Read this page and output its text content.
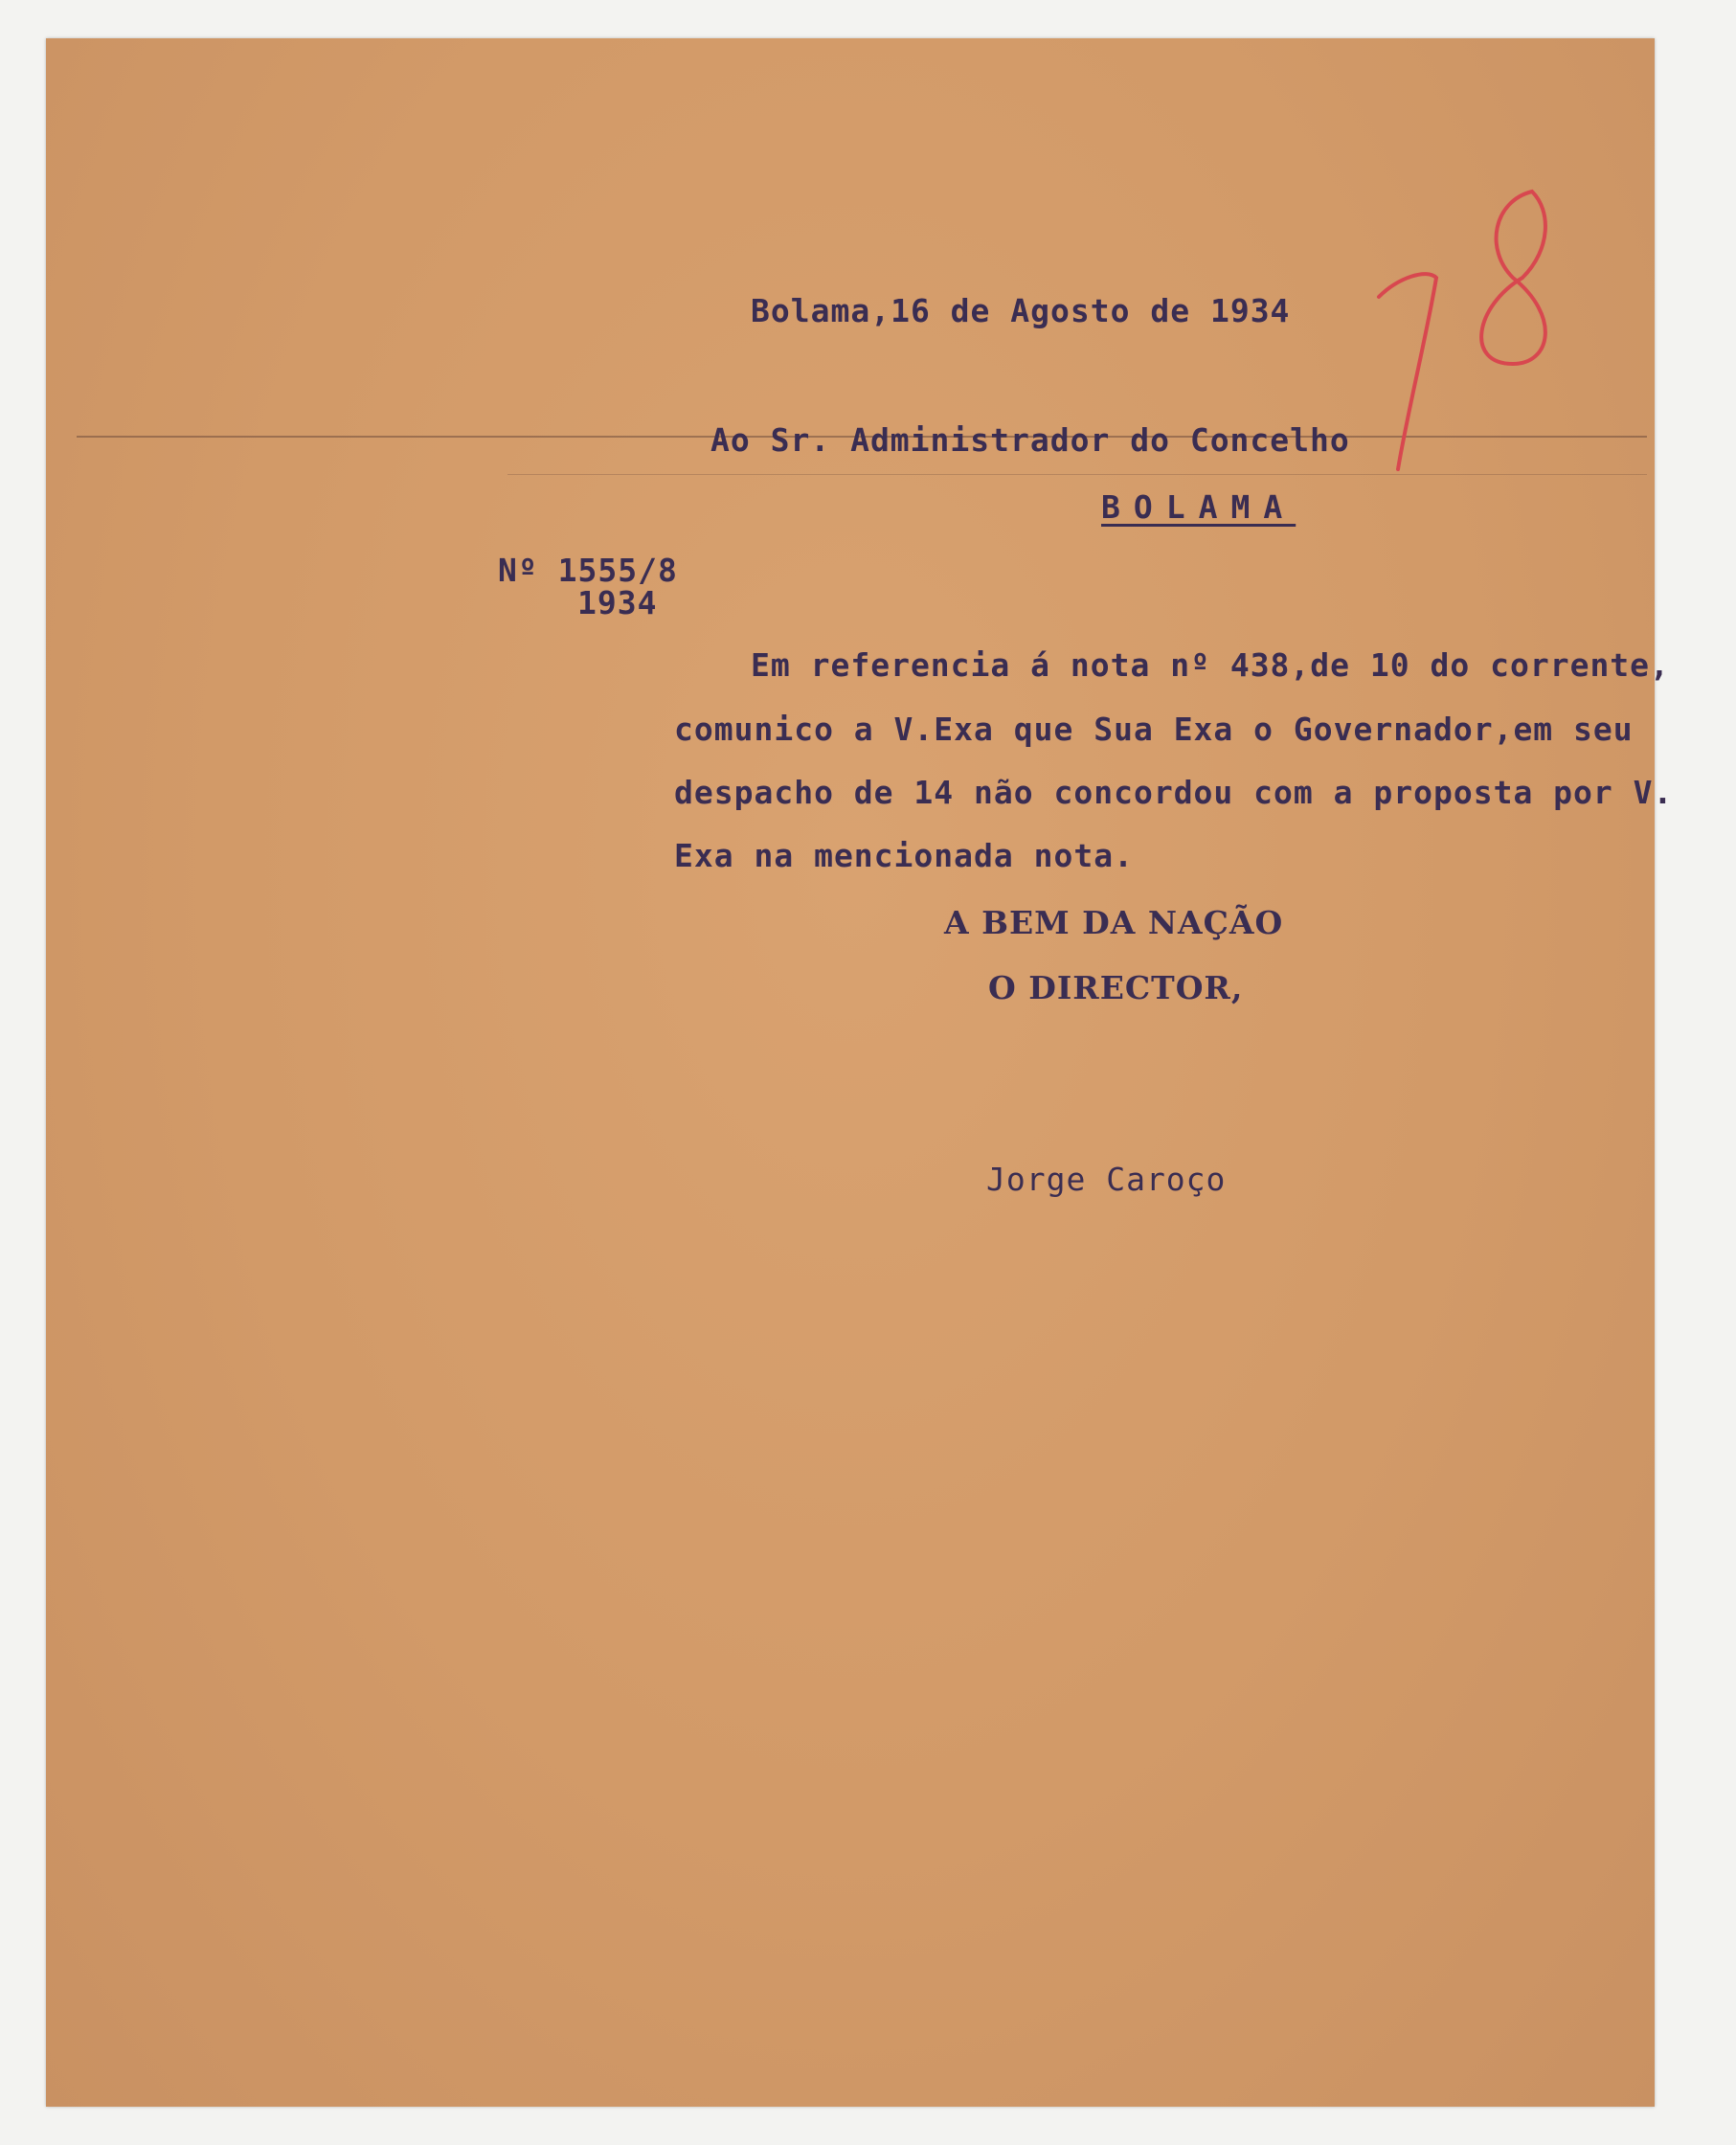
Bolama,16 de Agosto de 1934
Ao Sr. Administrador do Concelho
BOLAMA
Nº 1555/8
1934
Em referencia á nota nº 438,de 10 do corrente,
comunico a V.Exa que Sua Exa o Governador,em seu
despacho de 14 não concordou com a proposta por V.
Exa na mencionada nota.
A BEM DA NAÇÃO
O DIRECTOR,
Jorge Caroço
